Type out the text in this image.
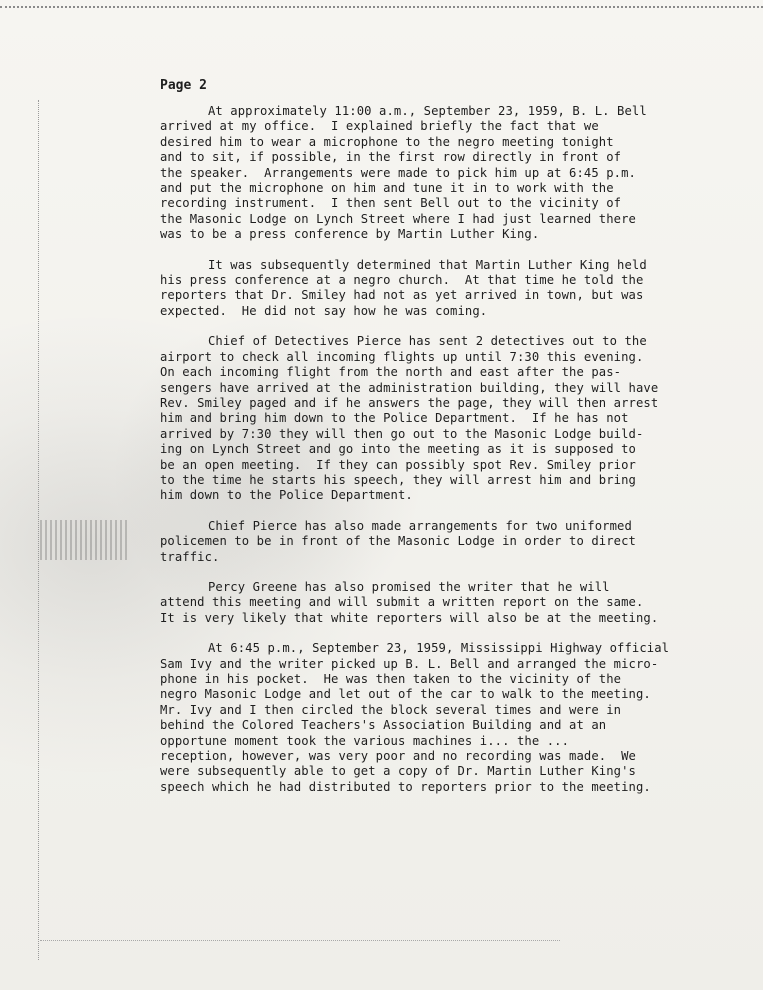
Page 2
At approximately 11:00 a.m., September 23, 1959, B. L. Bell
arrived at my office.  I explained briefly the fact that we
desired him to wear a microphone to the negro meeting tonight
and to sit, if possible, in the first row directly in front of
the speaker.  Arrangements were made to pick him up at 6:45 p.m.
and put the microphone on him and tune it in to work with the
recording instrument.  I then sent Bell out to the vicinity of
the Masonic Lodge on Lynch Street where I had just learned there
was to be a press conference by Martin Luther King.
It was subsequently determined that Martin Luther King held
his press conference at a negro church.  At that time he told the
reporters that Dr. Smiley had not as yet arrived in town, but was
expected.  He did not say how he was coming.
Chief of Detectives Pierce has sent 2 detectives out to the
airport to check all incoming flights up until 7:30 this evening.
On each incoming flight from the north and east after the pas-
sengers have arrived at the administration building, they will have
Rev. Smiley paged and if he answers the page, they will then arrest
him and bring him down to the Police Department.  If he has not
arrived by 7:30 they will then go out to the Masonic Lodge build-
ing on Lynch Street and go into the meeting as it is supposed to
be an open meeting.  If they can possibly spot Rev. Smiley prior
to the time he starts his speech, they will arrest him and bring
him down to the Police Department.
Chief Pierce has also made arrangements for two uniformed
policemen to be in front of the Masonic Lodge in order to direct
traffic.
Percy Greene has also promised the writer that he will
attend this meeting and will submit a written report on the same.
It is very likely that white reporters will also be at the meeting.
At 6:45 p.m., September 23, 1959, Mississippi Highway official
Sam Ivy and the writer picked up B. L. Bell and arranged the micro-
phone in his pocket.  He was then taken to the vicinity of the
negro Masonic Lodge and let out of the car to walk to the meeting.
Mr. Ivy and I then circled the block several times and were in
behind the Colored Teachers's Association Building and at an
opportune moment took the various machines i... the ...
reception, however, was very poor and no recording was made.  We
were subsequently able to get a copy of Dr. Martin Luther King's
speech which he had distributed to reporters prior to the meeting.
